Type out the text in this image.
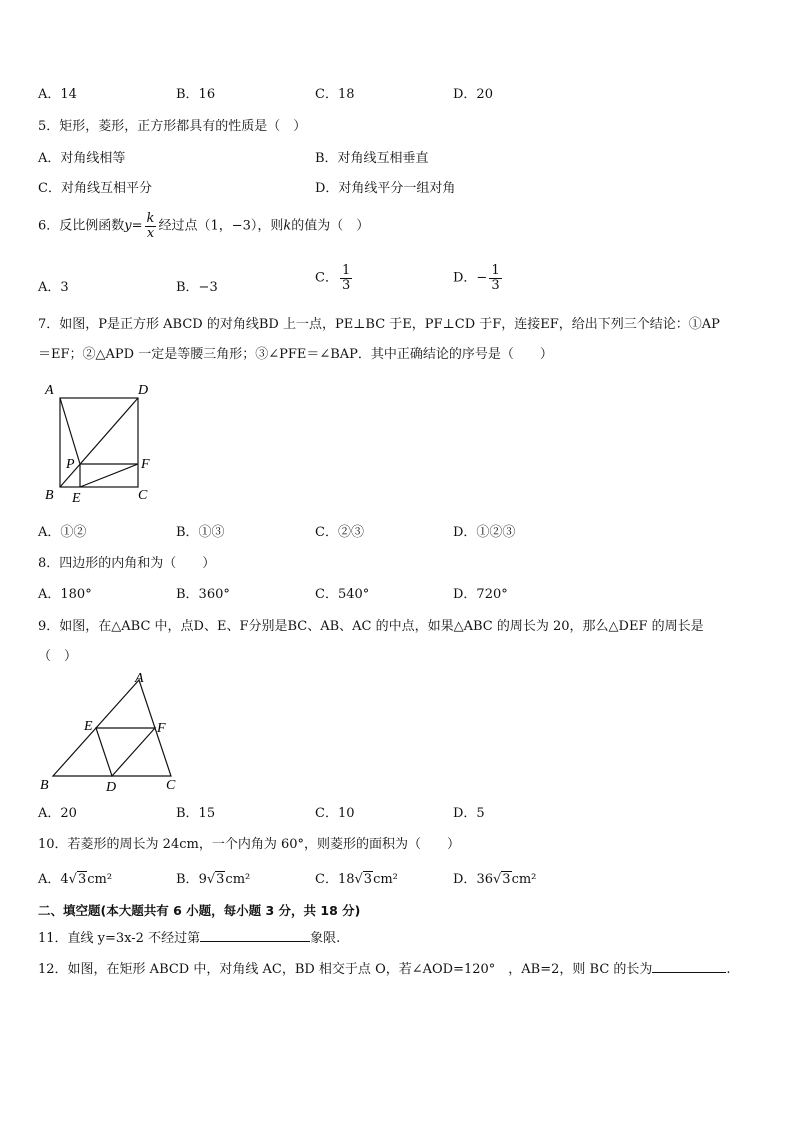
A．14	B．16	C．18	D．20
5．矩形，菱形，正方形都具有的性质是（　）
A．对角线相等	B．对角线互相垂直
C．对角线互相平分	D．对角线平分一组对角
6．反比例函数$y= \frac{k}{x}$ 经过点（1，−3），则k的值为（　）
A．3	B．−3
C． $\frac{1}{3}$	D．− $\frac{1}{3}$
7．如图，P是正方形 ABCD 的对角线BD 上一点，PE⊥BC 于E，PF⊥CD 于F，连接EF，给出下列三个结论：①AP
＝EF；②△APD 一定是等腰三角形；③∠PFE＝∠BAP．其中正确结论的序号是（　　）
A	D
P	F
B E	C
A．①②	B．①③	C．②③	D．①②③
8．四边形的内角和为（　　）
A．180°	B．360°	C．540°	D．720°
9．如图，在△ABC 中，点D、E、F分别是BC、AB、AC 的中点，如果△ABC 的周长为 20，那么△DEF 的周长是
（　）
A
E	F
B	D	C
A．20	B．15	C．10	D．5
10．若菱形的周长为 24cm，一个内角为 60°，则菱形的面积为（　　）
A．4√3cm²	B．9√3cm²	C．18√3cm²	D．36√3cm²
二、填空题(本大题共有 6 小题，每小题 3 分，共 18 分)
11．直线 y=3x-2 不经过第	象限.
12．如图，在矩形 ABCD 中，对角线 AC，BD 相交于点 O，若∠AOD=120°　，AB=2，则 BC 的长为	.
